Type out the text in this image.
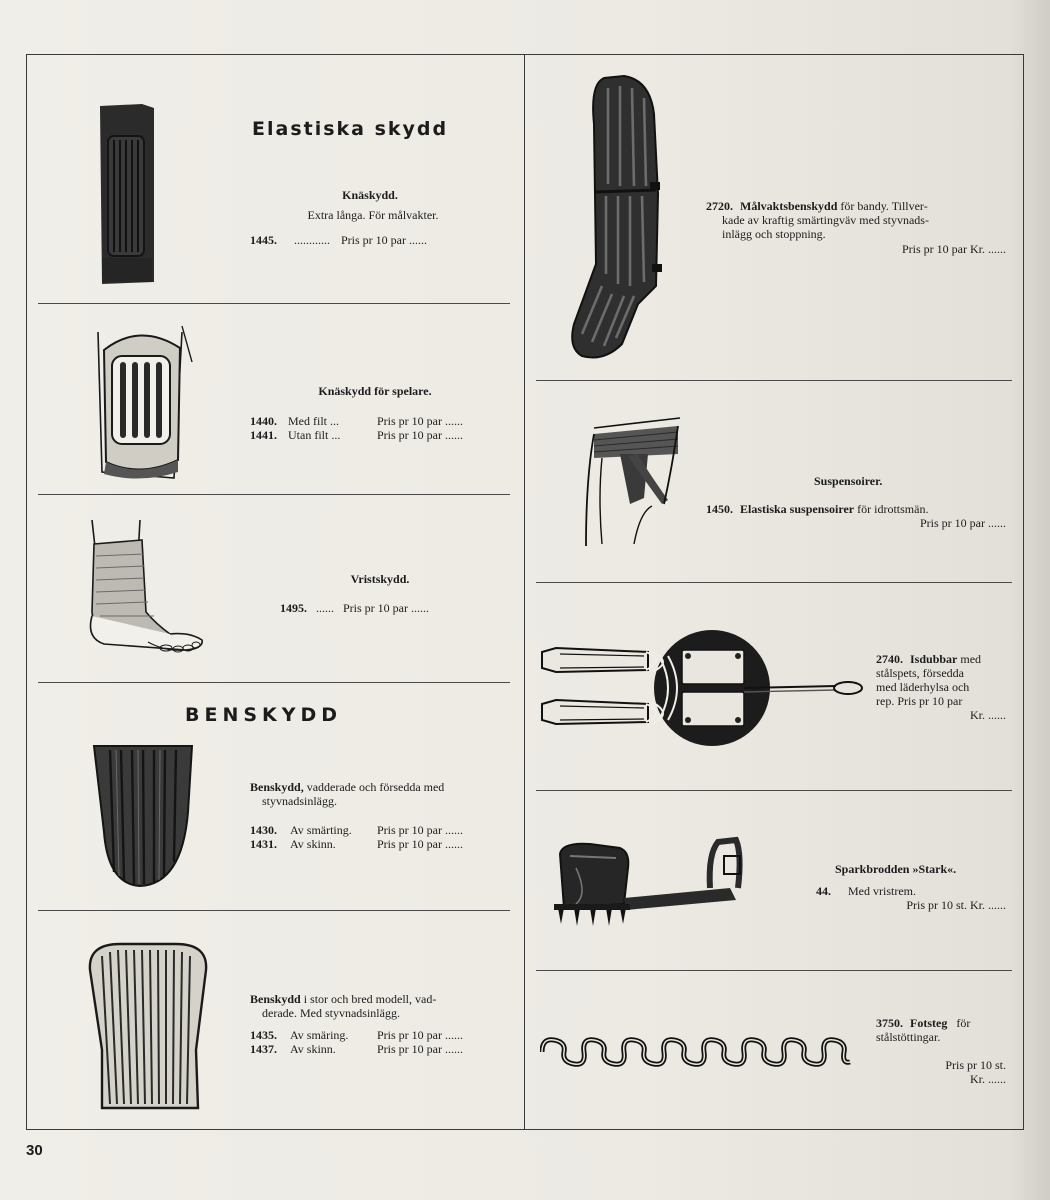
Elastiska skydd
Knäskydd.
Extra långa. För målvakter.
1445. ............ Pris pr 10 par ......
Knäskydd för spelare.
1440. Med filt ...	Pris pr 10 par ......
1441. Utan filt ...	Pris pr 10 par ......
Vristskydd.
1495. ...... Pris pr 10 par ......
BENSKYDD
Benskydd, vadderade och försedda med
styvnadsinlägg.
1430. Av smärting. Pris pr 10 par ......
1431. Av skinn.	Pris pr 10 par ......
Benskydd i stor och bred modell, vad-
derade. Med styvnadsinlägg.
1435. Av smäring. Pris pr 10 par ......
1437. Av skinn.	Pris pr 10 par ......
2720. Målvaktsbenskydd för bandy. Tillver-
kade av kraftig smärtingväv med styvnads-
inlägg och stoppning.
Pris pr 10 par Kr. ......
Suspensoirer.
1450. Elastiska suspensoirer för idrottsmän.
Pris pr 10 par ......
2740. Isdubbar med
stålspets, försedda
med läderhylsa och
rep. Pris pr 10 par
Kr. ......
Sparkbrodden »Stark«.
44. Med vristrem.
Pris pr 10 st. Kr. ......
3750. Fotsteg för
stålstöttingar.
Pris pr 10 st.
Kr. ......
30
